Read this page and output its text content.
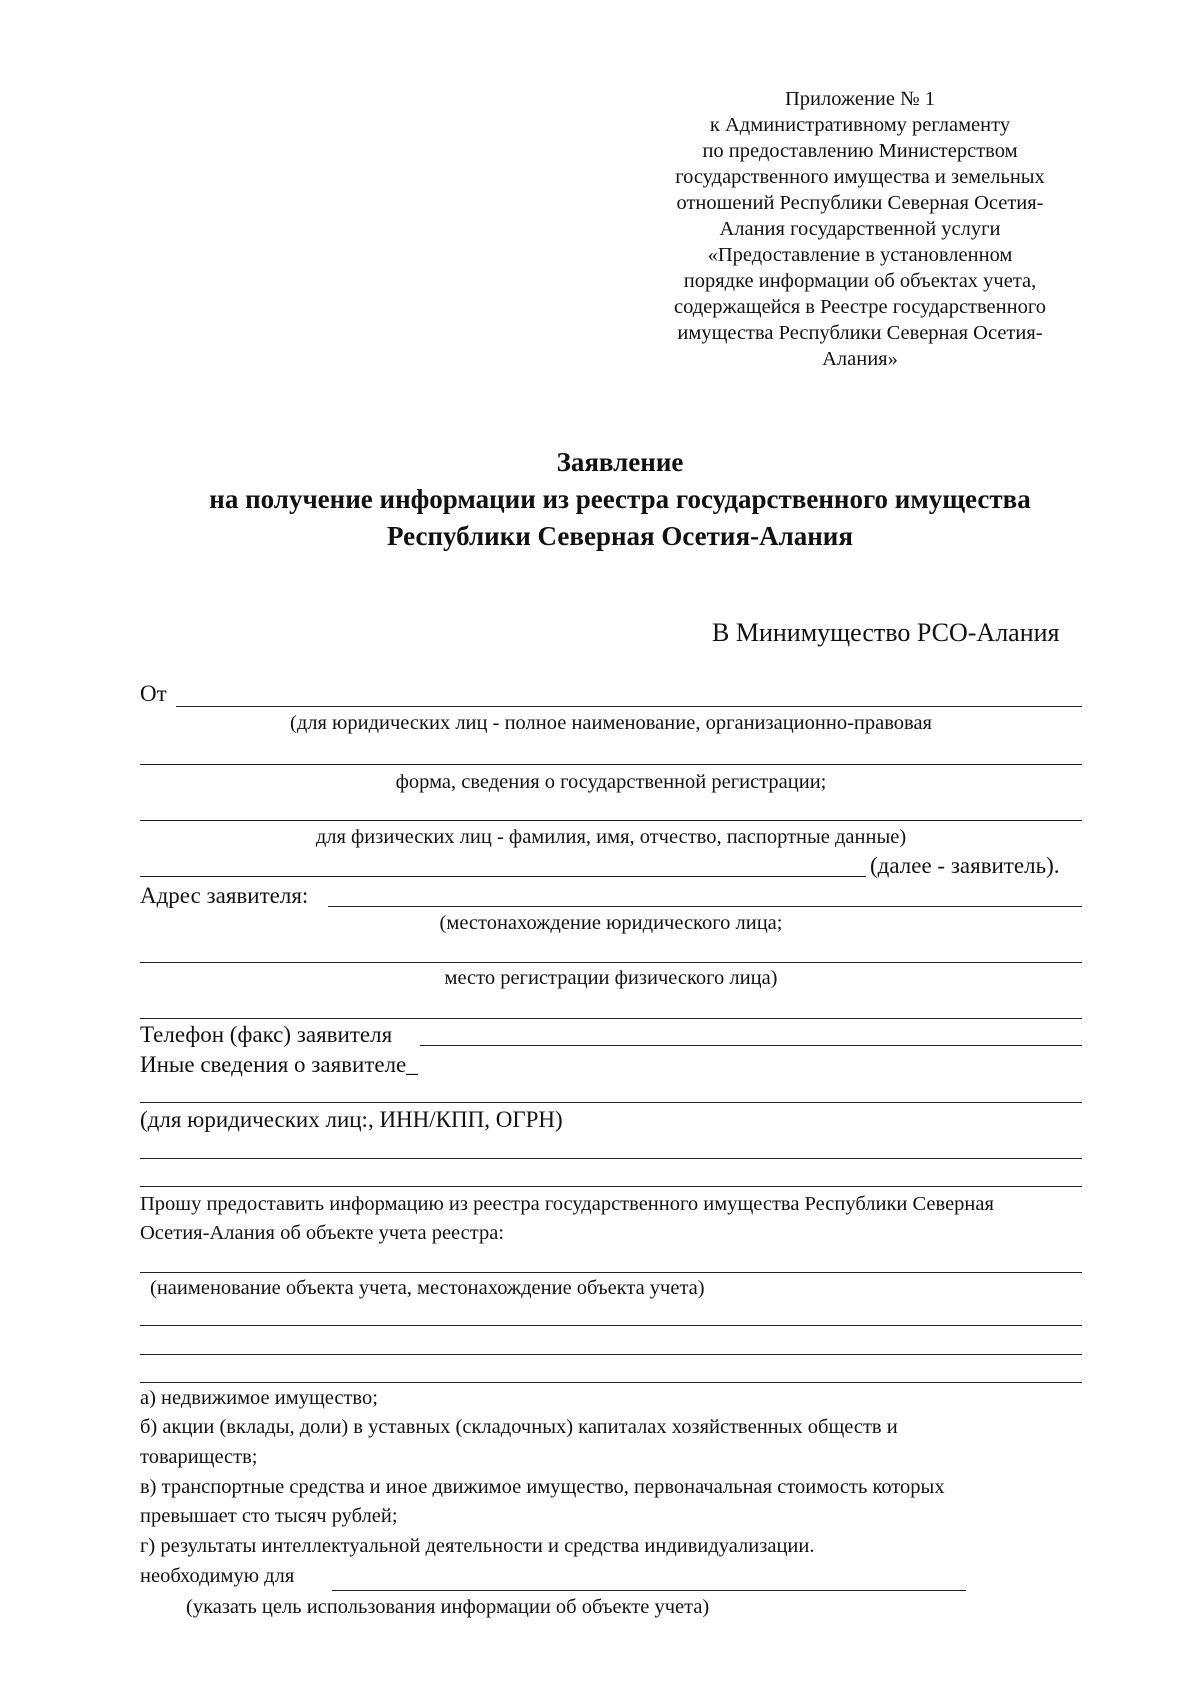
Приложение № 1
к Административному регламенту
по предоставлению Министерством
государственного имущества и земельных
отношений Республики Северная Осетия-
Алания государственной услуги
«Предоставление в установленном
порядке информации об объектах учета,
содержащейся в Реестре государственного
имущества Республики Северная Осетия-
Алания»
Заявление
на получение информации из реестра государственного имущества
Республики Северная Осетия-Алания
В Минимущество РСО-Алания
От
(для юридических лиц - полное наименование, организационно-правовая
форма, сведения о государственной регистрации;
для физических лиц - фамилия, имя, отчество, паспортные данные)
(далее - заявитель).
Адрес заявителя:
(местонахождение юридического лица;
место регистрации физического лица)
Телефон (факс) заявителя
Иные сведения о заявителе_
(для юридических лиц:, ИНН/КПП, ОГРН)
Прошу предоставить информацию из реестра государственного имущества Республики Северная
Осетия-Алания об объекте учета реестра:
(наименование объекта учета, местонахождение объекта учета)
а) недвижимое имущество;
б) акции (вклады, доли) в уставных (складочных) капиталах хозяйственных обществ и
товариществ;
в) транспортные средства и иное движимое имущество, первоначальная стоимость которых
превышает сто тысяч рублей;
г) результаты интеллектуальной деятельности и средства индивидуализации.
необходимую для
(указать цель использования информации об объекте учета)
